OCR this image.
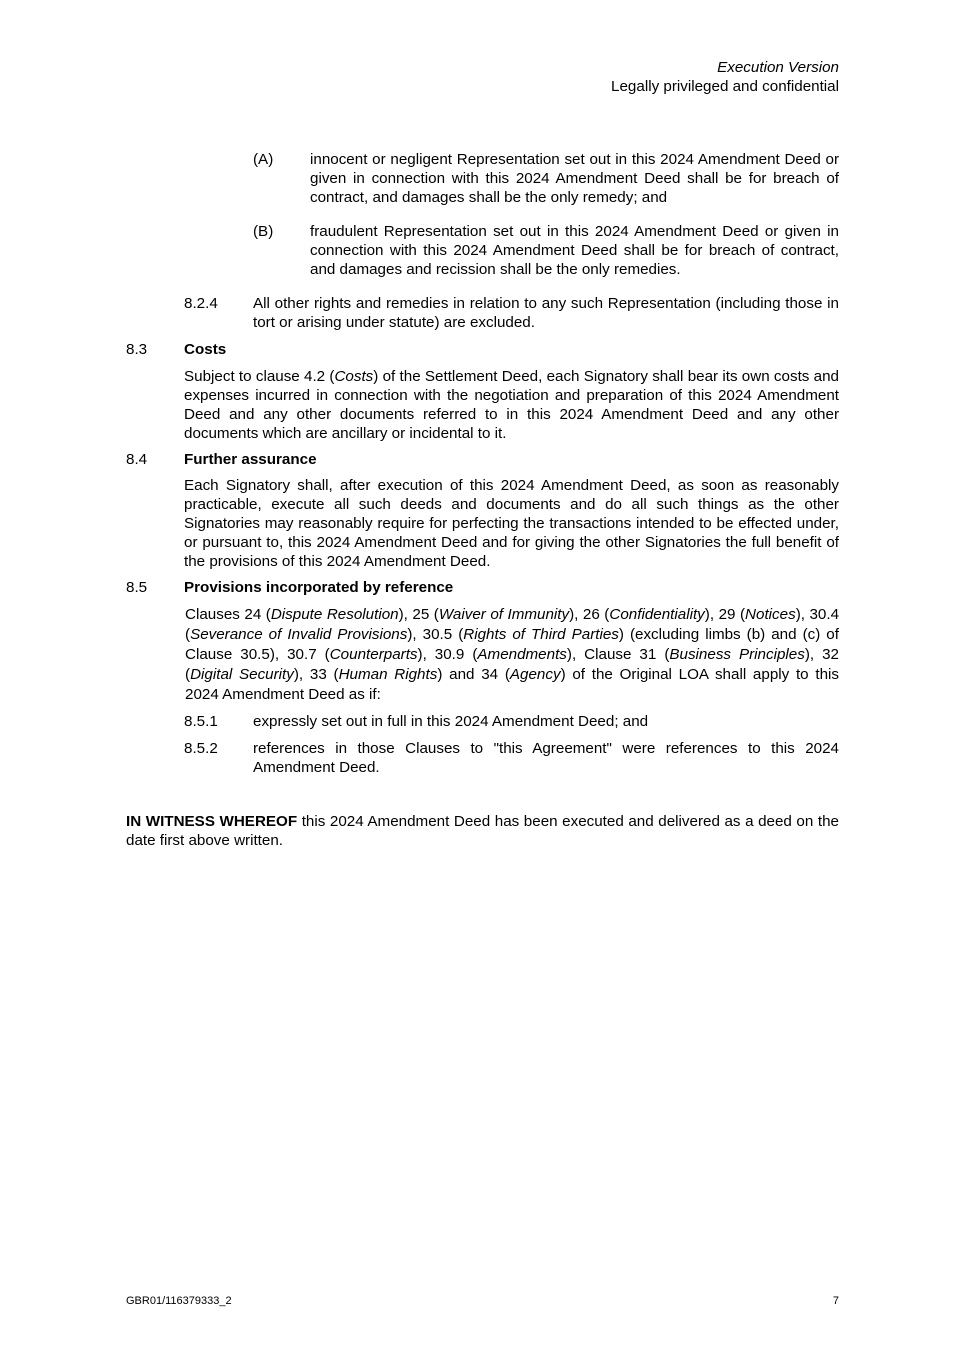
Execution Version
Legally privileged and confidential
(A) innocent or negligent Representation set out in this 2024 Amendment Deed or given in connection with this 2024 Amendment Deed shall be for breach of contract, and damages shall be the only remedy; and
(B) fraudulent Representation set out in this 2024 Amendment Deed or given in connection with this 2024 Amendment Deed shall be for breach of contract, and damages and recission shall be the only remedies.
8.2.4 All other rights and remedies in relation to any such Representation (including those in tort or arising under statute) are excluded.
8.3 Costs
Subject to clause 4.2 (Costs) of the Settlement Deed, each Signatory shall bear its own costs and expenses incurred in connection with the negotiation and preparation of this 2024 Amendment Deed and any other documents referred to in this 2024 Amendment Deed and any other documents which are ancillary or incidental to it.
8.4 Further assurance
Each Signatory shall, after execution of this 2024 Amendment Deed, as soon as reasonably practicable, execute all such deeds and documents and do all such things as the other Signatories may reasonably require for perfecting the transactions intended to be effected under, or pursuant to, this 2024 Amendment Deed and for giving the other Signatories the full benefit of the provisions of this 2024 Amendment Deed.
8.5 Provisions incorporated by reference
Clauses 24 (Dispute Resolution), 25 (Waiver of Immunity), 26 (Confidentiality), 29 (Notices), 30.4 (Severance of Invalid Provisions), 30.5 (Rights of Third Parties) (excluding limbs (b) and (c) of Clause 30.5), 30.7 (Counterparts), 30.9 (Amendments), Clause 31 (Business Principles), 32 (Digital Security), 33 (Human Rights) and 34 (Agency) of the Original LOA shall apply to this 2024 Amendment Deed as if:
8.5.1 expressly set out in full in this 2024 Amendment Deed; and
8.5.2 references in those Clauses to "this Agreement" were references to this 2024 Amendment Deed.
IN WITNESS WHEREOF this 2024 Amendment Deed has been executed and delivered as a deed on the date first above written.
GBR01/116379333_2	7
